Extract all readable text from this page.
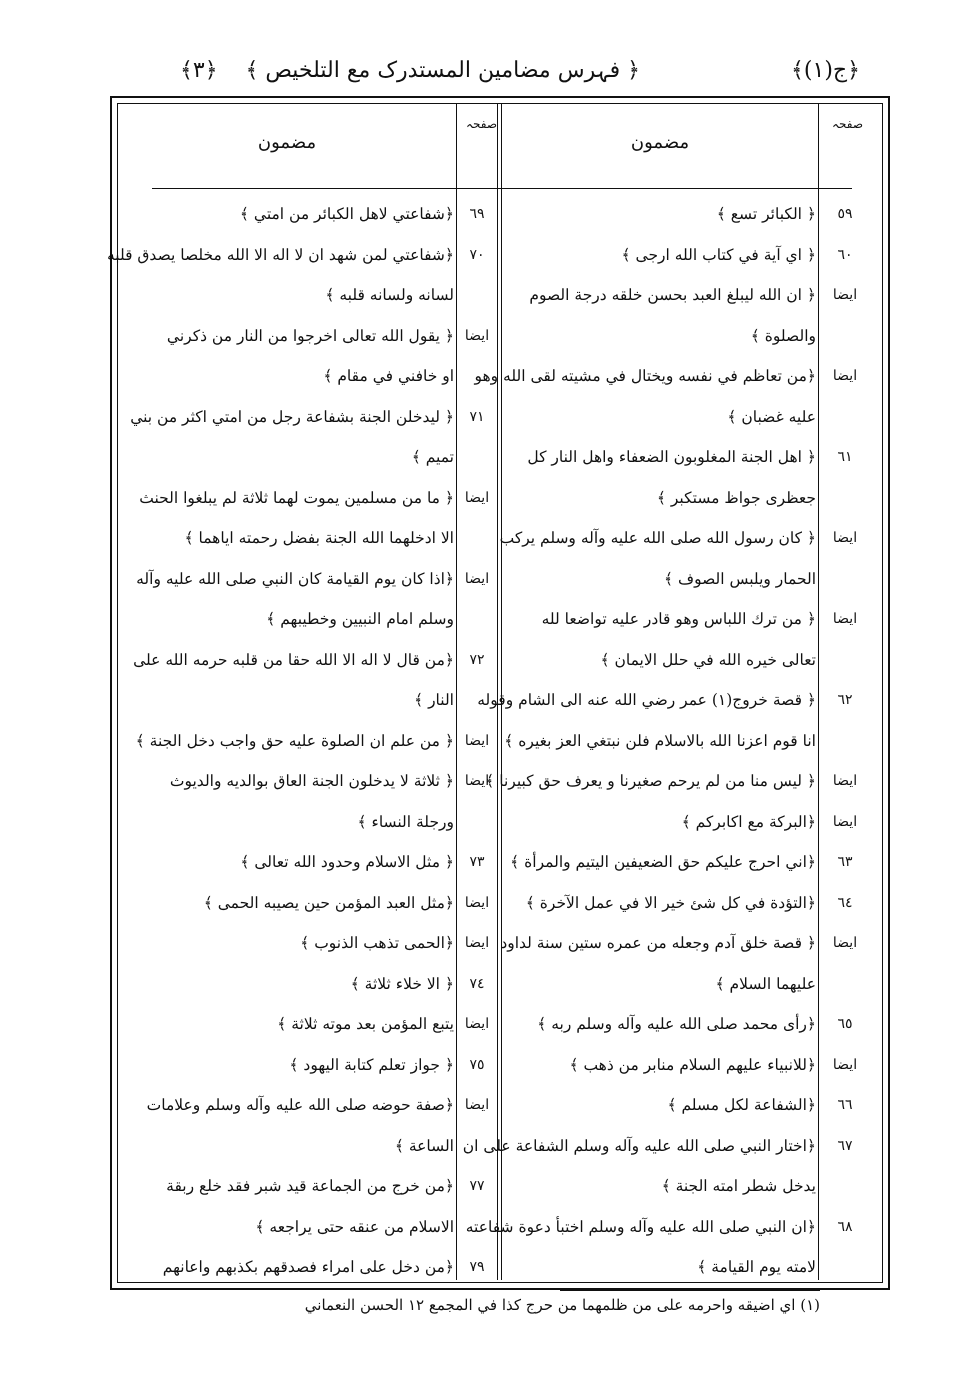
﴿ج(١)﴾
﴿ فہرس مضامین المستدرک مع التلخیص ﴾
﴿٣﴾
صفحہ
مضمون
صفحہ
مضمون
٥٩
﴿ الكبائر تسع ﴾
٦٠
﴿ اي آية في كتاب الله ارجى ﴾
ايضا
﴿ ان الله ليبلغ العبد بحسن خلقه درجة الصوم
والصلوة ﴾
ايضا
﴿من تعاظم في نفسه ويختال في مشيته لقى الله وهو
عليه غضبان ﴾
٦١
﴿ اهل الجنة المغلوبون الضعفاء واهل النار كل
جعظرى جواظ مستكبر ﴾
ايضا
﴿ كان رسول الله صلى الله عليه وآله وسلم يركب
الحمار ويلبس الصوف ﴾
ايضا
﴿ من ترك اللباس وهو قادر عليه تواضعا لله
تعالى خيره الله في حلل الايمان ﴾
٦٢
﴿ قصة خروج(١) عمر رضي الله عنه الى الشام وقوله
انا قوم اعزنا الله بالاسلام فلن نبتغي العز بغيره ﴾
ايضا
﴿ ليس منا من لم يرحم صغيرنا و يعرف حق كبيرنا ﴾
ايضا
﴿البركة مع اكابركم ﴾
٦٣
﴿اني احرج عليكم حق الضعيفين اليتيم والمرأة ﴾
٦٤
﴿التؤدة في كل شئ خير الا في عمل الآخرة ﴾
ايضا
﴿ قصة خلق آدم وجعله من عمره ستين سنة لداود
عليهما السلام ﴾
٦٥
﴿رأى محمد صلى الله عليه وآله وسلم ربه ﴾
ايضا
﴿للانبياء عليهم السلام منابر من ذهب ﴾
٦٦
﴿الشفاعة لكل مسلم ﴾
٦٧
﴿اختار النبي صلى الله عليه وآله وسلم الشفاعة على ان
يدخل شطر امته الجنة ﴾
٦٨
﴿ان النبي صلى الله عليه وآله وسلم اختبأ دعوة شفاعته
لامته يوم القيامة ﴾
٦٩
﴿شفاعتي لاهل الكبائر من امتي ﴾
٧٠
﴿شفاعتي لمن شهد ان لا اله الا الله مخلصا يصدق قلبه
لسانه ولسانه قلبه ﴾
ايضا
﴿ يقول الله تعالى اخرجوا من النار من ذكرني
او خافني في مقام ﴾
٧١
﴿ ليدخلن الجنة بشفاعة رجل من امتي اكثر من بني
تميم ﴾
ايضا
﴿ ما من مسلمين يموت لهما ثلاثة لم يبلغوا الحنث
الا ادخلهما الله الجنة بفضل رحمته اياهما ﴾
ايضا
﴿اذا كان يوم القيامة كان النبي صلى الله عليه وآله
وسلم امام النبيين وخطيبهم ﴾
٧٢
﴿من قال لا اله الا الله حقا من قلبه حرمه الله على
النار ﴾
ايضا
﴿ من علم ان الصلوة عليه حق واجب دخل الجنة ﴾
ايضا
﴿ ثلاثة لا يدخلون الجنة العاق بوالديه والديوث
ورجلة النساء ﴾
٧٣
﴿ مثل الاسلام وحدود الله تعالى ﴾
ايضا
﴿مثل العبد المؤمن حين يصيبه الحمى ﴾
ايضا
﴿الحمى تذهب الذنوب ﴾
٧٤
﴿ الا خلاء ثلاثة ﴾
ايضا
يتبع المؤمن بعد موته ثلاثة ﴾
٧٥
﴿ جواز تعلم كتابة اليهود ﴾
ايضا
﴿صفة حوضه صلى الله عليه وآله وسلم وعلامات
الساعة ﴾
٧٧
﴿من خرج من الجماعة قيد شبر فقد خلع ربقة
الاسلام من عنقه حتى يراجعه ﴾
٧٩
﴿من دخل على امراء فصدقهم بكذبهم واعانهم
(١) اي اضيقه واحرمه على من ظلمهما من حرج كذا في المجمع ١٢ الحسن النعماني
